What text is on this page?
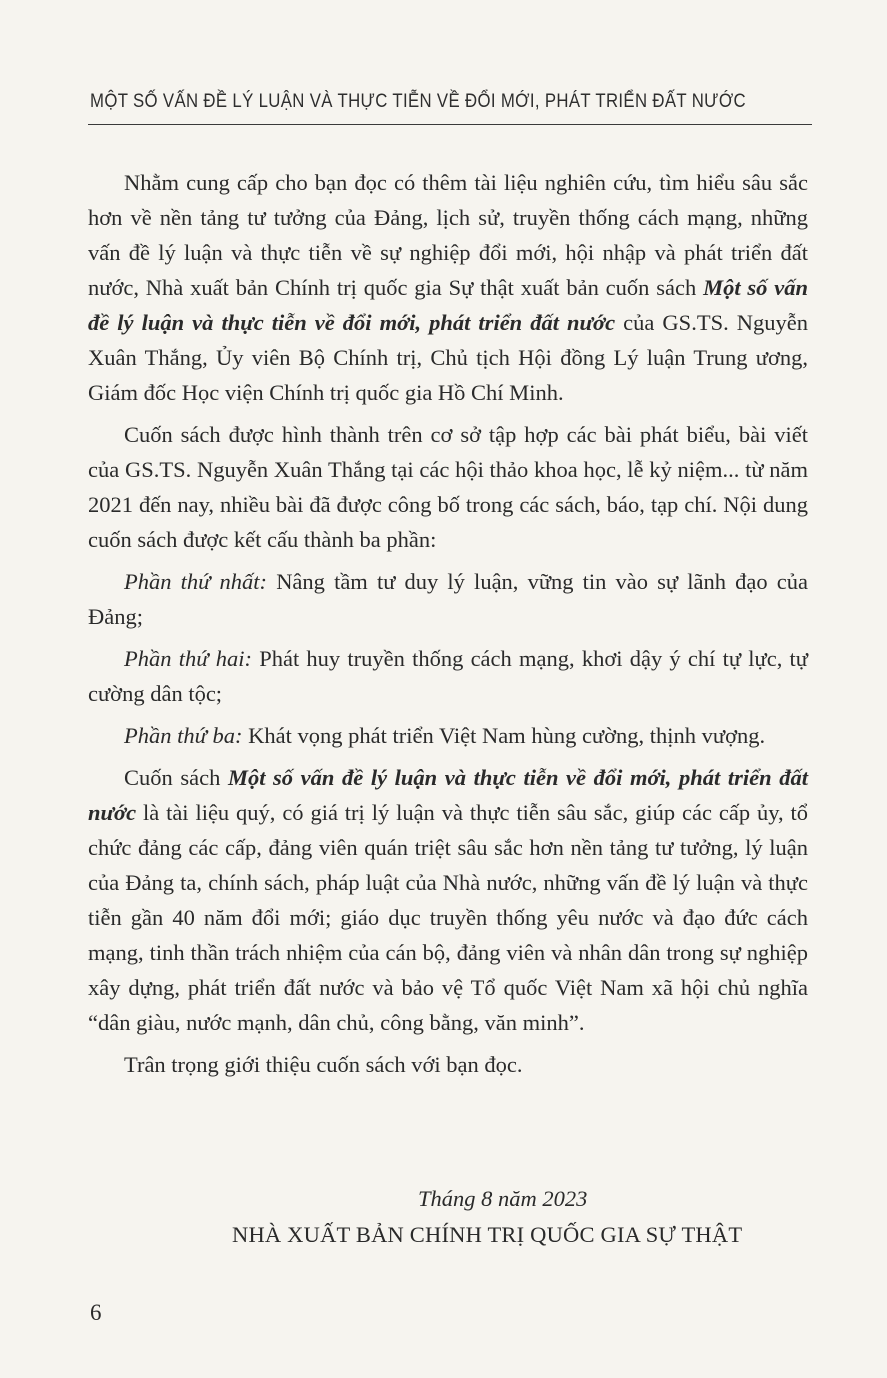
MỘT SỐ VẤN ĐỀ LÝ LUẬN VÀ THỰC TIỄN VỀ ĐỔI MỚI, PHÁT TRIỂN ĐẤT NƯỚC

Nhằm cung cấp cho bạn đọc có thêm tài liệu nghiên cứu, tìm hiểu sâu sắc hơn về nền tảng tư tưởng của Đảng, lịch sử, truyền thống cách mạng, những vấn đề lý luận và thực tiễn về sự nghiệp đổi mới, hội nhập và phát triển đất nước, Nhà xuất bản Chính trị quốc gia Sự thật xuất bản cuốn sách Một số vấn đề lý luận và thực tiễn về đổi mới, phát triển đất nước của GS.TS. Nguyễn Xuân Thắng, Ủy viên Bộ Chính trị, Chủ tịch Hội đồng Lý luận Trung ương, Giám đốc Học viện Chính trị quốc gia Hồ Chí Minh.

Cuốn sách được hình thành trên cơ sở tập hợp các bài phát biểu, bài viết của GS.TS. Nguyễn Xuân Thắng tại các hội thảo khoa học, lễ kỷ niệm... từ năm 2021 đến nay, nhiều bài đã được công bố trong các sách, báo, tạp chí. Nội dung cuốn sách được kết cấu thành ba phần:

Phần thứ nhất: Nâng tầm tư duy lý luận, vững tin vào sự lãnh đạo của Đảng;

Phần thứ hai: Phát huy truyền thống cách mạng, khơi dậy ý chí tự lực, tự cường dân tộc;

Phần thứ ba: Khát vọng phát triển Việt Nam hùng cường, thịnh vượng.

Cuốn sách Một số vấn đề lý luận và thực tiễn về đổi mới, phát triển đất nước là tài liệu quý, có giá trị lý luận và thực tiễn sâu sắc, giúp các cấp ủy, tổ chức đảng các cấp, đảng viên quán triệt sâu sắc hơn nền tảng tư tưởng, lý luận của Đảng ta, chính sách, pháp luật của Nhà nước, những vấn đề lý luận và thực tiễn gần 40 năm đổi mới; giáo dục truyền thống yêu nước và đạo đức cách mạng, tinh thần trách nhiệm của cán bộ, đảng viên và nhân dân trong sự nghiệp xây dựng, phát triển đất nước và bảo vệ Tổ quốc Việt Nam xã hội chủ nghĩa “dân giàu, nước mạnh, dân chủ, công bằng, văn minh”.

Trân trọng giới thiệu cuốn sách với bạn đọc.

Tháng 8 năm 2023
NHÀ XUẤT BẢN CHÍNH TRỊ QUỐC GIA SỰ THẬT
6
